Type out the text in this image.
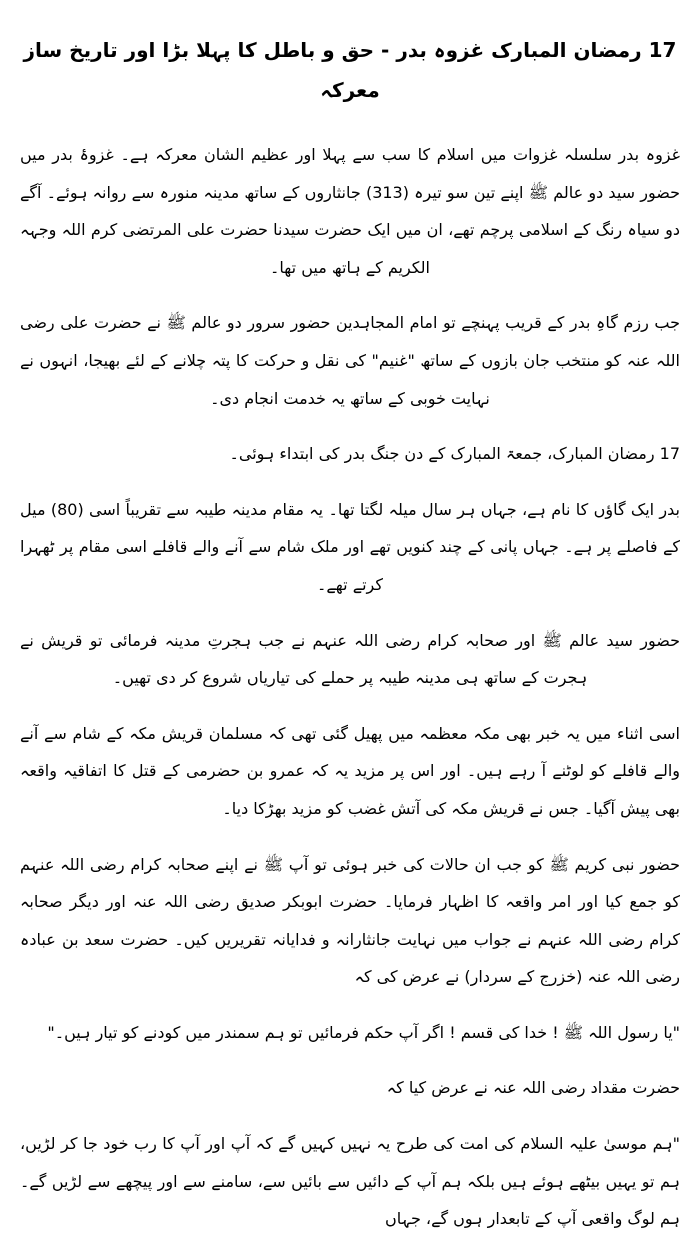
17 رمضان المبارک غزوہ بدر - حق و باطل کا پہلا بڑا اور تاریخ ساز معرکہ

غزوہ بدر سلسلہ غزوات میں اسلام کا سب سے پہلا اور عظیم الشان معرکہ ہے۔ غزوۂ بدر میں حضور سید دو عالم ﷺ اپنے تین سو تیرہ (313) جانثاروں کے ساتھ مدینہ منورہ سے روانہ ہوئے۔ آگے دو سیاہ رنگ کے اسلامی پرچم تھے، ان میں ایک حضرت سیدنا حضرت علی المرتضی کرم اللہ وجہہ الکریم کے ہاتھ میں تھا۔

جب رزم گاہِ بدر کے قریب پہنچے تو امام المجاہدین حضور سرور دو عالم ﷺ نے حضرت علی رضی اللہ عنہ کو منتخب جان بازوں کے ساتھ "غنیم" کی نقل و حرکت کا پتہ چلانے کے لئے بھیجا، انہوں نے نہایت خوبی کے ساتھ یہ خدمت انجام دی۔

17 رمضان المبارک، جمعۃ المبارک کے دن جنگ بدر کی ابتداء ہوئی۔

بدر ایک گاؤں کا نام ہے، جہاں ہر سال میلہ لگتا تھا۔ یہ مقام مدینہ طیبہ سے تقریباً اسی (80) میل کے فاصلے پر ہے۔ جہاں پانی کے چند کنویں تھے اور ملک شام سے آنے والے قافلے اسی مقام پر ٹھہرا کرتے تھے۔

حضور سید عالم ﷺ اور صحابہ کرام رضی اللہ عنہم نے جب ہجرتِ مدینہ فرمائی تو قریش نے ہجرت کے ساتھ ہی مدینہ طیبہ پر حملے کی تیاریاں شروع کر دی تھیں۔

اسی اثناء میں یہ خبر بھی مکہ معظمہ میں پھیل گئی تھی کہ مسلمان قریش مکہ کے شام سے آنے والے قافلے کو لوٹنے آ رہے ہیں۔ اور اس پر مزید یہ کہ عمرو بن حضرمی کے قتل کا اتفاقیہ واقعہ بھی پیش آگیا۔ جس نے قریش مکہ کی آتش غضب کو مزید بھڑکا دیا۔

حضور نبی کریم ﷺ کو جب ان حالات کی خبر ہوئی تو آپ ﷺ نے اپنے صحابہ کرام رضی اللہ عنہم کو جمع کیا اور امر واقعہ کا اظہار فرمایا۔ حضرت ابوبکر صدیق رضی اللہ عنہ اور دیگر صحابہ کرام رضی اللہ عنہم نے جواب میں نہایت جانثارانہ و فدایانہ تقریریں کیں۔ حضرت سعد بن عبادہ رضی اللہ عنہ (خزرج کے سردار) نے عرض کی کہ

"یا رسول اللہ ﷺ ! خدا کی قسم ! اگر آپ حکم فرمائیں تو ہم سمندر میں کودنے کو تیار ہیں۔"

حضرت مقداد رضی اللہ عنہ نے عرض کیا کہ

"ہم موسیٰ علیہ السلام کی امت کی طرح یہ نہیں کہیں گے کہ آپ اور آپ کا رب خود جا کر لڑیں، ہم تو یہیں بیٹھے ہوئے ہیں بلکہ ہم آپ کے دائیں سے بائیں سے، سامنے سے اور پیچھے سے لڑیں گے۔ ہم لوگ واقعی آپ کے تابعدار ہوں گے، جہاں
